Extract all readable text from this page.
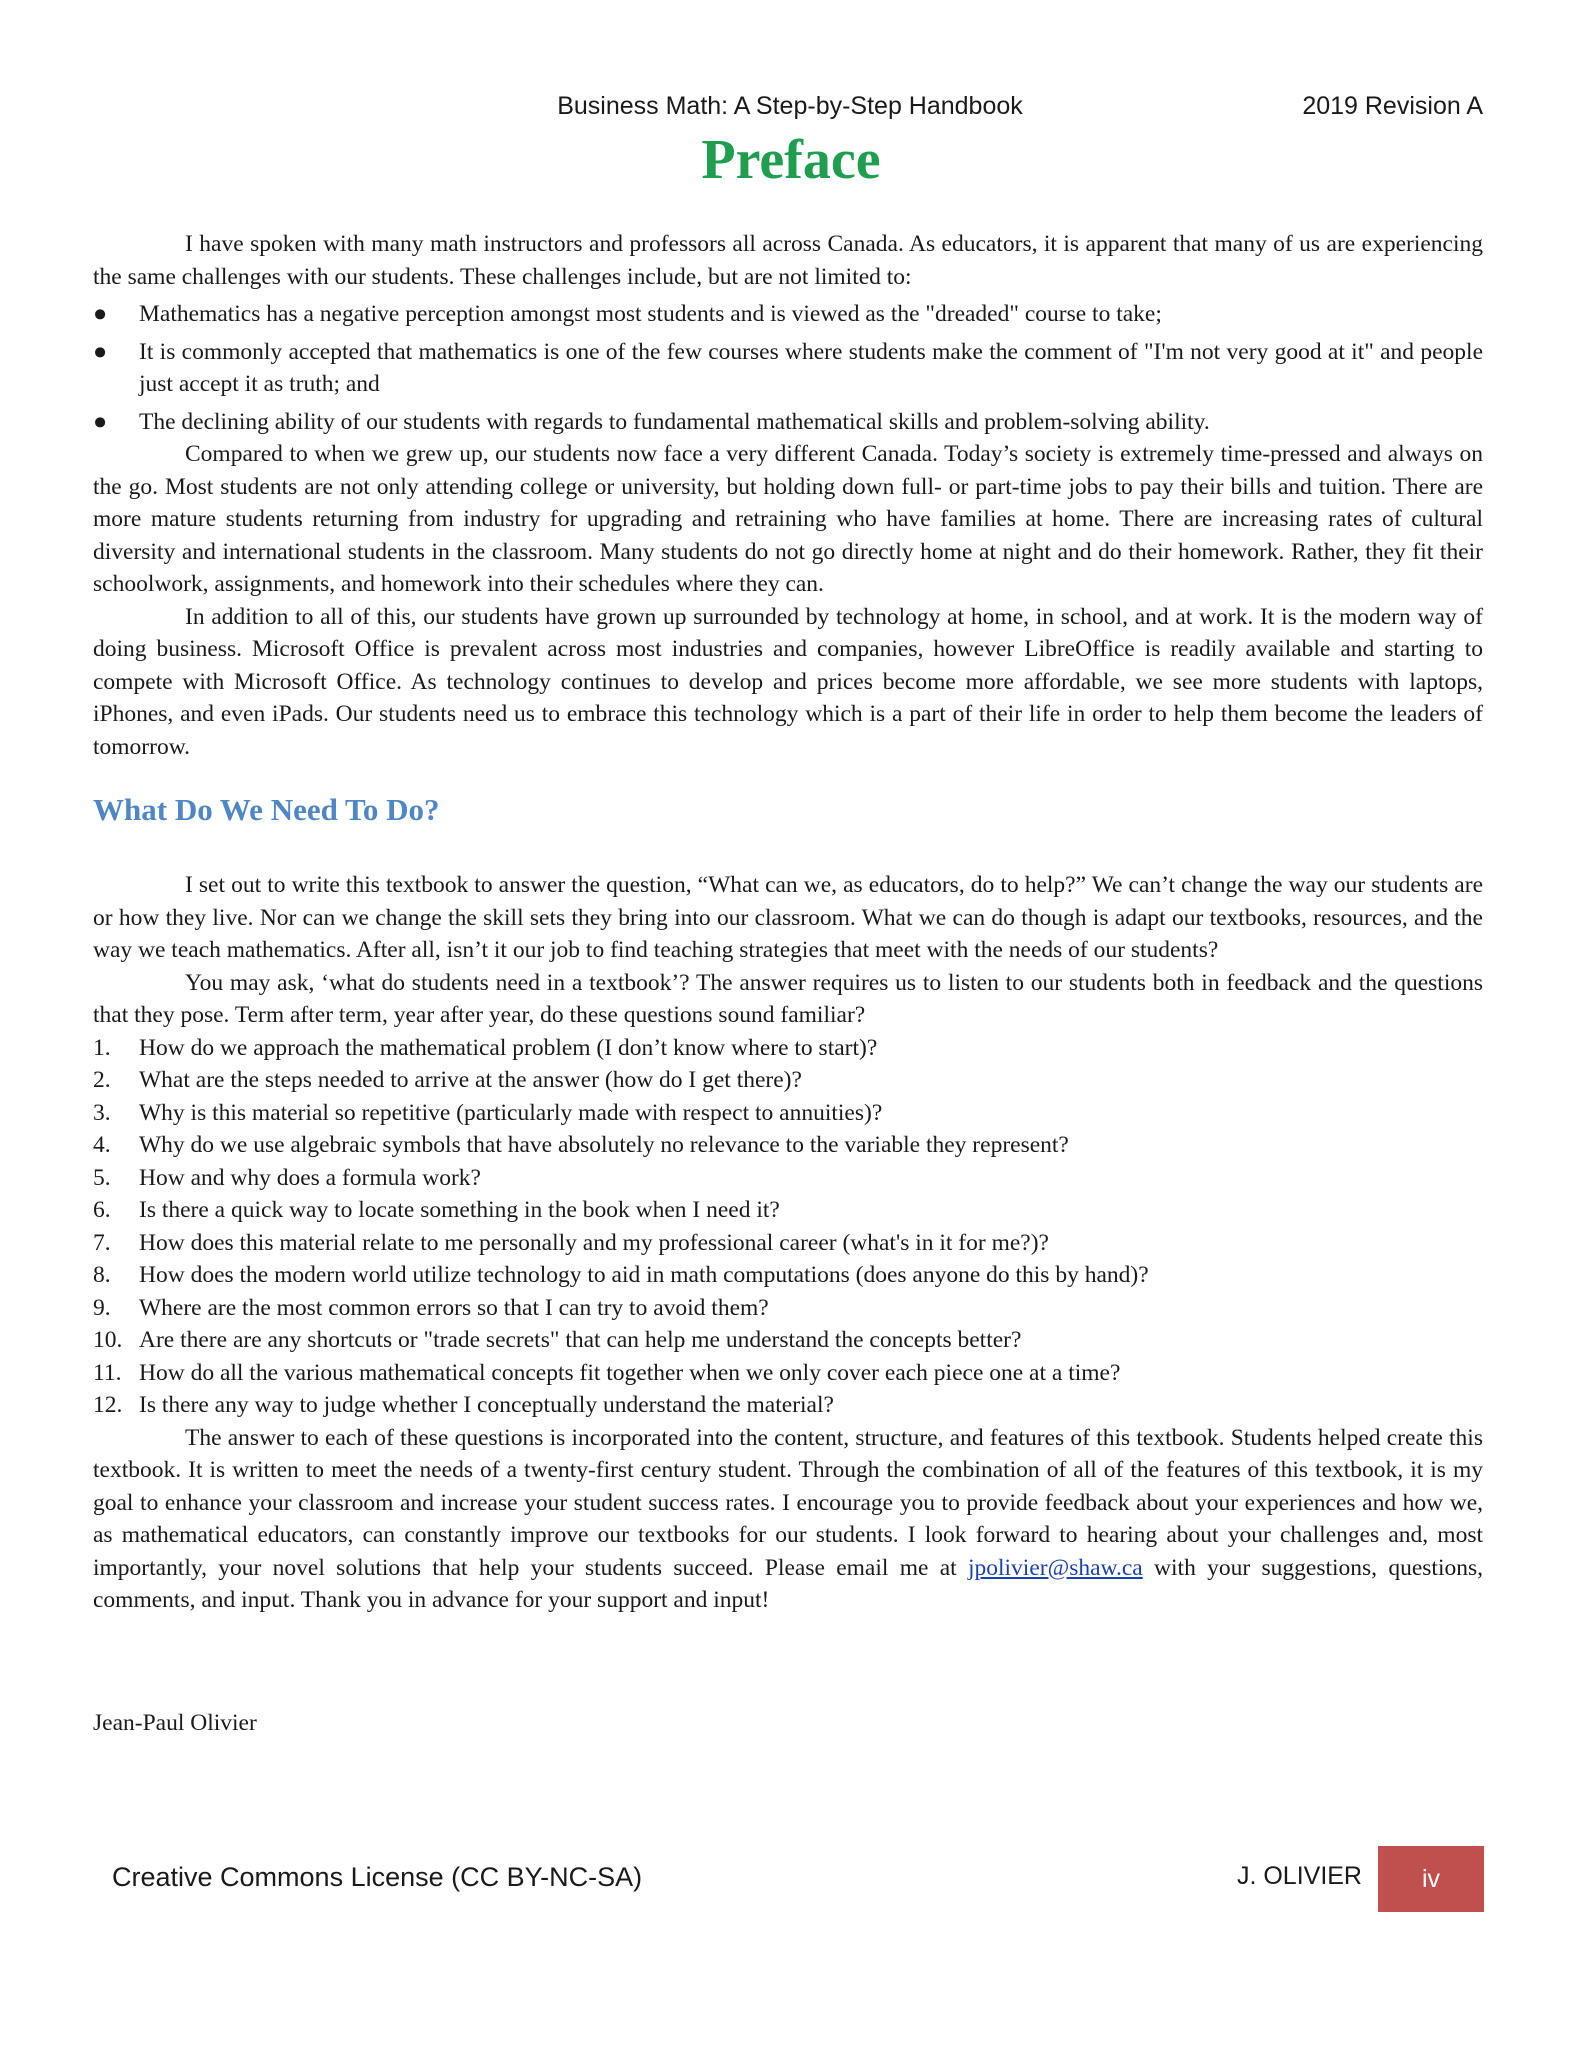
Business Math: A Step-by-Step Handbook	2019 Revision A
Preface

I have spoken with many math instructors and professors all across Canada. As educators, it is apparent that many of us are experiencing the same challenges with our students. These challenges include, but are not limited to:

● Mathematics has a negative perception amongst most students and is viewed as the "dreaded" course to take;
● It is commonly accepted that mathematics is one of the few courses where students make the comment of "I'm not very good at it" and people just accept it as truth; and
● The declining ability of our students with regards to fundamental mathematical skills and problem-solving ability.

Compared to when we grew up, our students now face a very different Canada. Today’s society is extremely time-pressed and always on the go. Most students are not only attending college or university, but holding down full- or part-time jobs to pay their bills and tuition. There are more mature students returning from industry for upgrading and retraining who have families at home. There are increasing rates of cultural diversity and international students in the classroom. Many students do not go directly home at night and do their homework. Rather, they fit their schoolwork, assignments, and homework into their schedules where they can.

In addition to all of this, our students have grown up surrounded by technology at home, in school, and at work. It is the modern way of doing business. Microsoft Office is prevalent across most industries and companies, however LibreOffice is readily available and starting to compete with Microsoft Office. As technology continues to develop and prices become more affordable, we see more students with laptops, iPhones, and even iPads. Our students need us to embrace this technology which is a part of their life in order to help them become the leaders of tomorrow.

What Do We Need To Do?

I set out to write this textbook to answer the question, “What can we, as educators, do to help?” We can’t change the way our students are or how they live. Nor can we change the skill sets they bring into our classroom. What we can do though is adapt our textbooks, resources, and the way we teach mathematics. After all, isn’t it our job to find teaching strategies that meet with the needs of our students?

You may ask, ‘what do students need in a textbook’? The answer requires us to listen to our students both in feedback and the questions that they pose. Term after term, year after year, do these questions sound familiar?

1. How do we approach the mathematical problem (I don’t know where to start)?
2. What are the steps needed to arrive at the answer (how do I get there)?
3. Why is this material so repetitive (particularly made with respect to annuities)?
4. Why do we use algebraic symbols that have absolutely no relevance to the variable they represent?
5. How and why does a formula work?
6. Is there a quick way to locate something in the book when I need it?
7. How does this material relate to me personally and my professional career (what's in it for me?)?
8. How does the modern world utilize technology to aid in math computations (does anyone do this by hand)?
9. Where are the most common errors so that I can try to avoid them?
10. Are there are any shortcuts or "trade secrets" that can help me understand the concepts better?
11. How do all the various mathematical concepts fit together when we only cover each piece one at a time?
12. Is there any way to judge whether I conceptually understand the material?

The answer to each of these questions is incorporated into the content, structure, and features of this textbook. Students helped create this textbook. It is written to meet the needs of a twenty-first century student. Through the combination of all of the features of this textbook, it is my goal to enhance your classroom and increase your student success rates. I encourage you to provide feedback about your experiences and how we, as mathematical educators, can constantly improve our textbooks for our students. I look forward to hearing about your challenges and, most importantly, your novel solutions that help your students succeed. Please email me at jpolivier@shaw.ca with your suggestions, questions, comments, and input. Thank you in advance for your support and input!

Jean-Paul Olivier
Creative Commons License (CC BY-NC-SA)	J. OLIVIER iv
